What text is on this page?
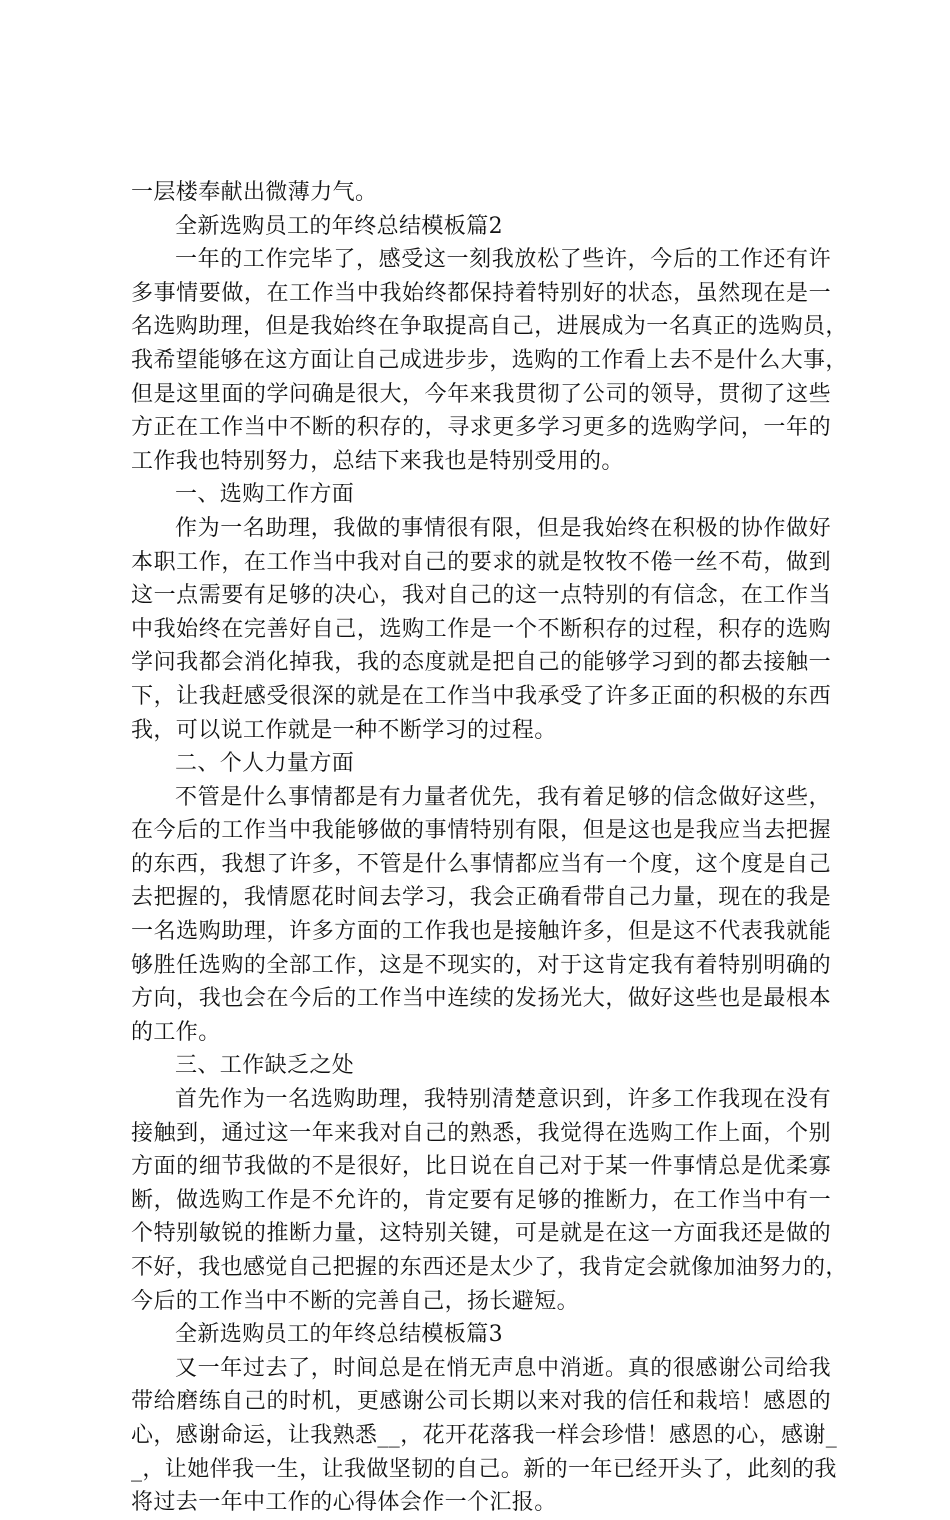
一层楼奉献出微薄力气。
全新选购员工的年终总结模板篇2
一年的工作完毕了，感受这一刻我放松了些许，今后的工作还有许
多事情要做，在工作当中我始终都保持着特别好的状态，虽然现在是一
名选购助理，但是我始终在争取提高自己，进展成为一名真正的选购员，
我希望能够在这方面让自己成进步步，选购的工作看上去不是什么大事，
但是这里面的学问确是很大，今年来我贯彻了公司的领导，贯彻了这些
方正在工作当中不断的积存的，寻求更多学习更多的选购学问，一年的
工作我也特别努力，总结下来我也是特别受用的。
一、选购工作方面
作为一名助理，我做的事情很有限，但是我始终在积极的协作做好
本职工作，在工作当中我对自己的要求的就是牧牧不倦一丝不苟，做到
这一点需要有足够的决心，我对自己的这一点特别的有信念，在工作当
中我始终在完善好自己，选购工作是一个不断积存的过程，积存的选购
学问我都会消化掉我，我的态度就是把自己的能够学习到的都去接触一
下，让我赶感受很深的就是在工作当中我承受了许多正面的积极的东西
我，可以说工作就是一种不断学习的过程。
二、个人力量方面
不管是什么事情都是有力量者优先，我有着足够的信念做好这些，
在今后的工作当中我能够做的事情特别有限，但是这也是我应当去把握
的东西，我想了许多，不管是什么事情都应当有一个度，这个度是自己
去把握的，我情愿花时间去学习，我会正确看带自己力量，现在的我是
一名选购助理，许多方面的工作我也是接触许多，但是这不代表我就能
够胜任选购的全部工作，这是不现实的，对于这肯定我有着特别明确的
方向，我也会在今后的工作当中连续的发扬光大，做好这些也是最根本
的工作。
三、工作缺乏之处
首先作为一名选购助理，我特别清楚意识到，许多工作我现在没有
接触到，通过这一年来我对自己的熟悉，我觉得在选购工作上面，个别
方面的细节我做的不是很好，比日说在自己对于某一件事情总是优柔寡
断，做选购工作是不允许的，肯定要有足够的推断力，在工作当中有一
个特别敏锐的推断力量，这特别关键，可是就是在这一方面我还是做的
不好，我也感觉自己把握的东西还是太少了，我肯定会就像加油努力的，
今后的工作当中不断的完善自己，扬长避短。
全新选购员工的年终总结模板篇3
又一年过去了，时间总是在悄无声息中消逝。真的很感谢公司给我
带给磨练自己的时机，更感谢公司长期以来对我的信任和栽培！感恩的
心，感谢命运，让我熟悉__，花开花落我一样会珍惜！感恩的心，感谢_
_，让她伴我一生，让我做坚韧的自己。新的一年已经开头了，此刻的我
将过去一年中工作的心得体会作一个汇报。
